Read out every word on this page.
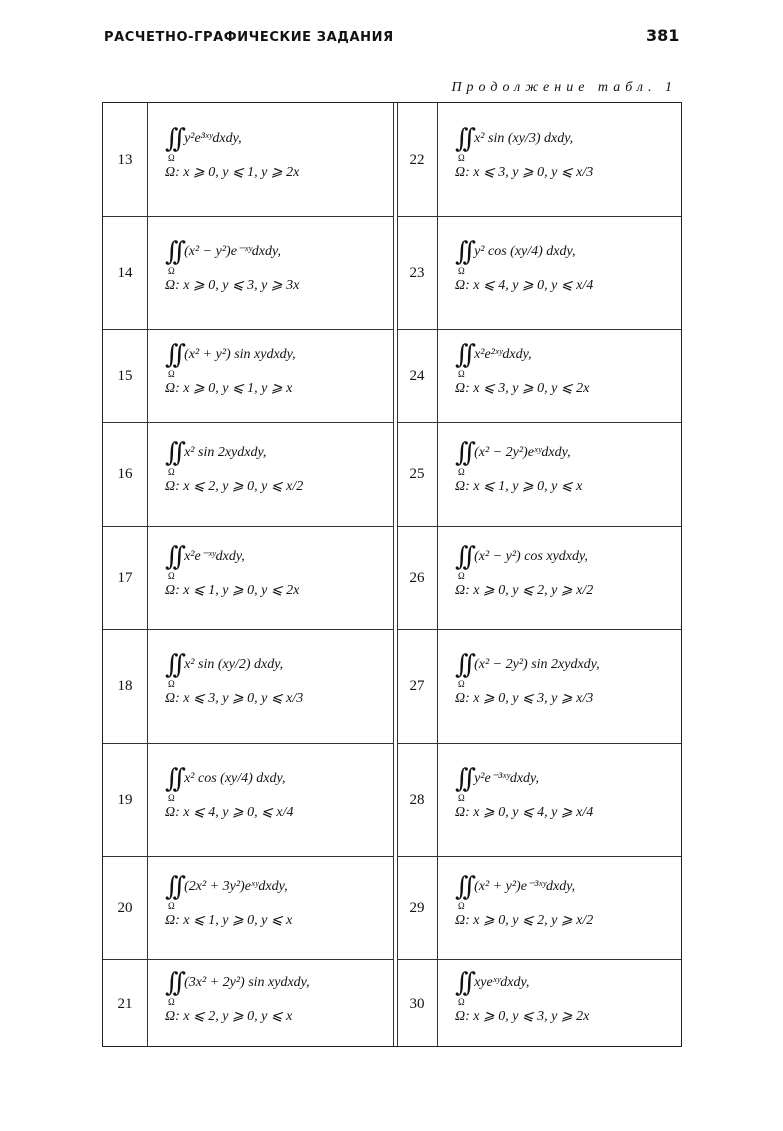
РАСЧЕТНО-ГРАФИЧЕСКИЕ ЗАДАНИЯ	381
Продолжение табл. 1
13
∫∫
Ω
y²e³ˣʸdxdy,
Ω: x ⩾ 0, y ⩽ 1, y ⩾ 2x
22
∫∫
Ω
x² sin (xy/3) dxdy,
Ω: x ⩽ 3, y ⩾ 0, y ⩽ x/3
14
∫∫
Ω
(x² − y²)e⁻ˣʸdxdy,
Ω: x ⩾ 0, y ⩽ 3, y ⩾ 3x
23
∫∫
Ω
y² cos (xy/4) dxdy,
Ω: x ⩽ 4, y ⩾ 0, y ⩽ x/4
15
∫∫
Ω
(x² + y²) sin xydxdy,
Ω: x ⩾ 0, y ⩽ 1, y ⩾ x
24
∫∫
Ω
x²e²ˣʸdxdy,
Ω: x ⩽ 3, y ⩾ 0, y ⩽ 2x
16
∫∫
Ω
x² sin 2xydxdy,
Ω: x ⩽ 2, y ⩾ 0, y ⩽ x/2
25
∫∫
Ω
(x² − 2y²)eˣʸdxdy,
Ω: x ⩽ 1, y ⩾ 0, y ⩽ x
17
∫∫
Ω
x²e⁻ˣʸdxdy,
Ω: x ⩽ 1, y ⩾ 0, y ⩽ 2x
26
∫∫
Ω
(x² − y²) cos xydxdy,
Ω: x ⩾ 0, y ⩽ 2, y ⩾ x/2
18
∫∫
Ω
x² sin (xy/2) dxdy,
Ω: x ⩽ 3, y ⩾ 0, y ⩽ x/3
27
∫∫
Ω
(x² − 2y²) sin 2xydxdy,
Ω: x ⩾ 0, y ⩽ 3, y ⩾ x/3
19
∫∫
Ω
x² cos (xy/4) dxdy,
Ω: x ⩽ 4, y ⩾ 0, ⩽ x/4
28
∫∫
Ω
y²e⁻³ˣʸdxdy,
Ω: x ⩾ 0, y ⩽ 4, y ⩾ x/4
20
∫∫
Ω
(2x² + 3y²)eˣʸdxdy,
Ω: x ⩽ 1, y ⩾ 0, y ⩽ x
29
∫∫
Ω
(x² + y²)e⁻³ˣʸdxdy,
Ω: x ⩾ 0, y ⩽ 2, y ⩾ x/2
21
∫∫
Ω
(3x² + 2y²) sin xydxdy,
Ω: x ⩽ 2, y ⩾ 0, y ⩽ x
30
∫∫
Ω
xyeˣʸdxdy,
Ω: x ⩾ 0, y ⩽ 3, y ⩾ 2x
